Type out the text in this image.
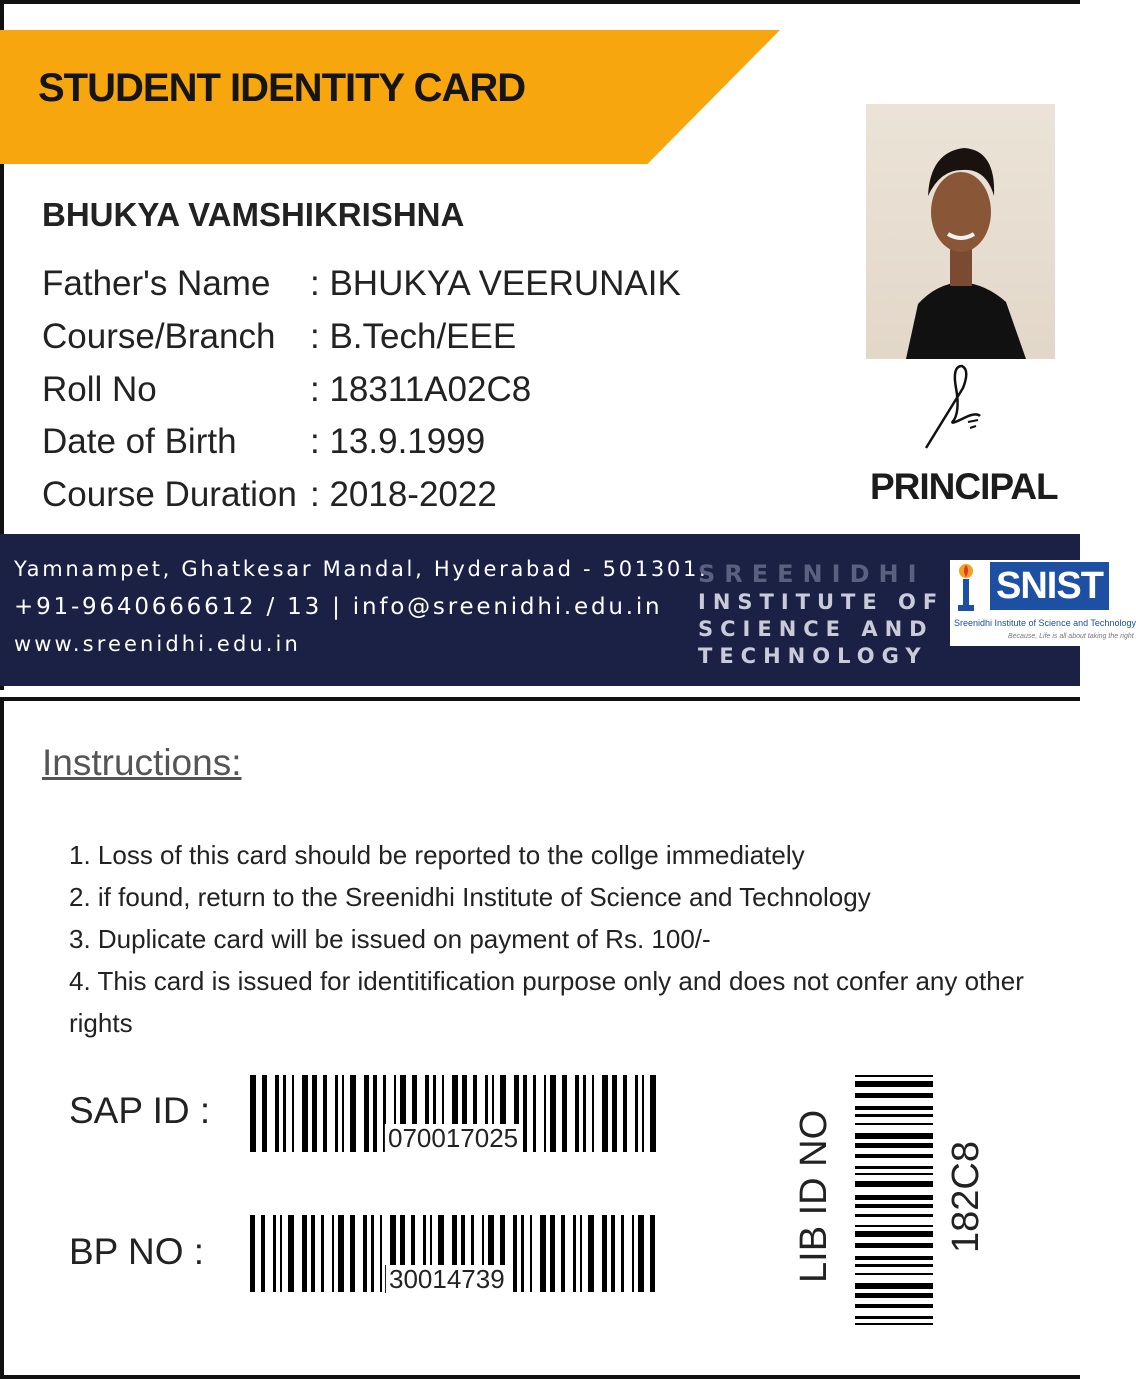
STUDENT IDENTITY CARD
BHUKYA VAMSHIKRISHNA
Father's Name : BHUKYA VEERUNAIK
Course/Branch : B.Tech/EEE
Roll No	: 18311A02C8
Date of Birth : 13.9.1999
Course Duration : 2018-2022	PRINCIPAL
Yamnampet, Ghatkesar Mandal, Hyderabad - 501301.
+91-9640666612 / 13 | info@sreenidhi.edu.in
www.sreenidhi.edu.in
SREENIDHI
INSTITUTE OF
SCIENCE AND
TECHNOLOGY
SNIST
Sreenidhi Institute of Science and Technology
Because, Life is all about taking the right
Instructions:
1. Loss of this card should be reported to the collge immediately
2. if found, return to the Sreenidhi Institute of Science and Technology
3. Duplicate card will be issued on payment of Rs. 100/-
4. This card is issued for identitification purpose only and does not confer any other rights
SAP ID :
070017025
BP NO :
30014739	LIB ID NO	182C8
